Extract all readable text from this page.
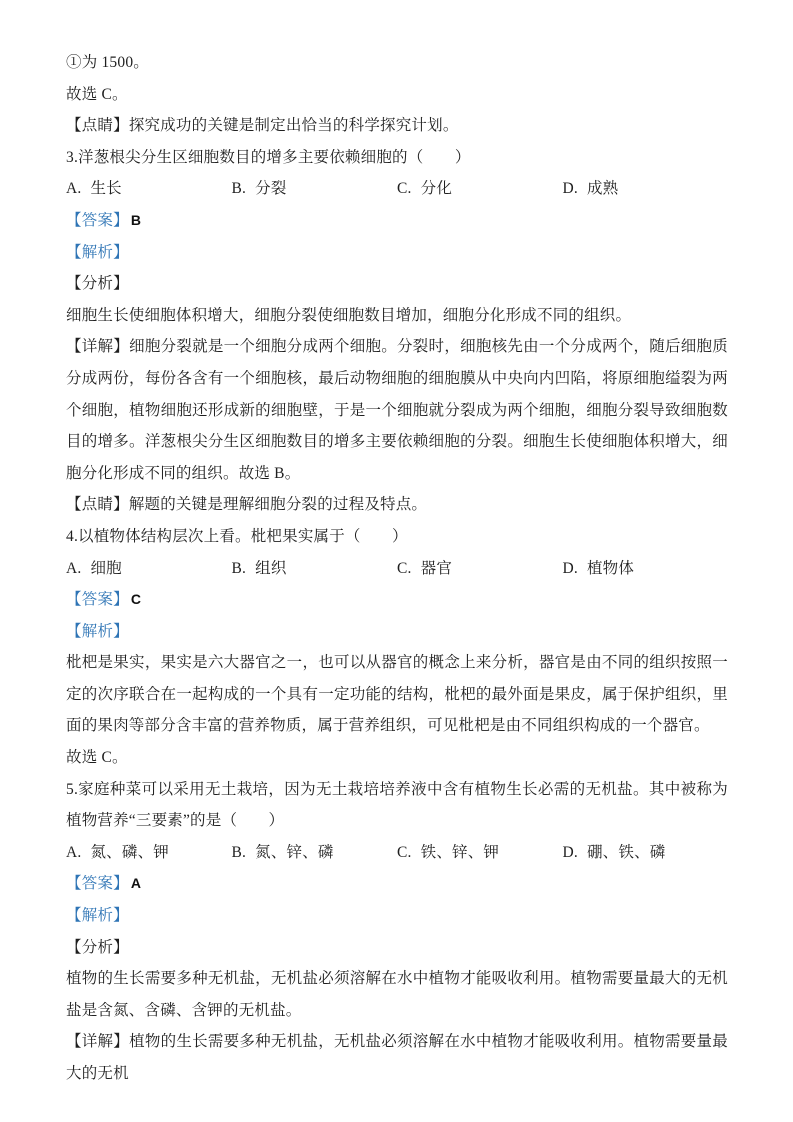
①为 1500。

故选 C。

【点睛】探究成功的关键是制定出恰当的科学探究计划。

3.洋葱根尖分生区细胞数目的增多主要依赖细胞的（　　）

A. 生长	B. 分裂	C. 分化	D. 成熟

【答案】 B

【解析】

【分析】

细胞生长使细胞体积增大，细胞分裂使细胞数目增加，细胞分化形成不同的组织。

【详解】细胞分裂就是一个细胞分成两个细胞。分裂时，细胞核先由一个分成两个，随后细胞质分成两份，每份各含有一个细胞核，最后动物细胞的细胞膜从中央向内凹陷，将原细胞缢裂为两个细胞，植物细胞还形成新的细胞壁，于是一个细胞就分裂成为两个细胞，细胞分裂导致细胞数目的增多。洋葱根尖分生区细胞数目的增多主要依赖细胞的分裂。细胞生长使细胞体积增大，细胞分化形成不同的组织。故选 B。

【点睛】解题的关键是理解细胞分裂的过程及特点。

4.以植物体结构层次上看。枇杷果实属于（　　）

A. 细胞	B. 组织	C. 器官	D. 植物体

【答案】 C

【解析】

枇杷是果实，果实是六大器官之一，也可以从器官的概念上来分析，器官是由不同的组织按照一定的次序联合在一起构成的一个具有一定功能的结构，枇杷的最外面是果皮，属于保护组织，里面的果肉等部分含丰富的营养物质，属于营养组织，可见枇杷是由不同组织构成的一个器官。

故选 C。

5.家庭种菜可以采用无土栽培，因为无土栽培培养液中含有植物生长必需的无机盐。其中被称为植物营养“三要素”的是（　　）

A. 氮、磷、钾	B. 氮、锌、磷	C. 铁、锌、钾	D. 硼、铁、磷

【答案】 A

【解析】

【分析】

植物的生长需要多种无机盐，无机盐必须溶解在水中植物才能吸收利用。植物需要量最大的无机盐是含氮、含磷、含钾的无机盐。

【详解】植物的生长需要多种无机盐，无机盐必须溶解在水中植物才能吸收利用。植物需要量最大的无机
